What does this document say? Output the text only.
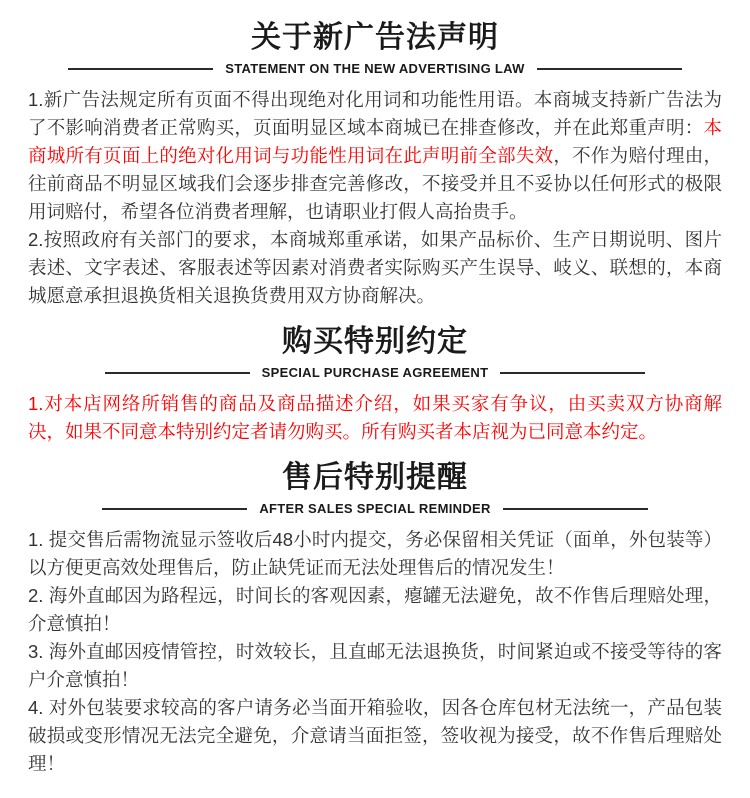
关于新广告法声明
STATEMENT ON THE NEW ADVERTISING LAW

1.新广告法规定所有页面不得出现绝对化用词和功能性用语。本商城支持新广告法为了不影响消费者正常购买，页面明显区域本商城已在排查修改，并在此郑重声明：本商城所有页面上的绝对化用词与功能性用词在此声明前全部失效，不作为赔付理由，往前商品不明显区域我们会逐步排查完善修改，不接受并且不妥协以任何形式的极限用词赔付，希望各位消费者理解，也请职业打假人高抬贵手。

2.按照政府有关部门的要求，本商城郑重承诺，如果产品标价、生产日期说明、图片表述、文字表述、客服表述等因素对消费者实际购买产生误导、岐义、联想的，本商城愿意承担退换货相关退换货费用双方协商解决。

购买特别约定
SPECIAL PURCHASE AGREEMENT

1.对本店网络所销售的商品及商品描述介绍，如果买家有争议，由买卖双方协商解决，如果不同意本特别约定者请勿购买。所有购买者本店视为已同意本约定。

售后特别提醒
AFTER SALES SPECIAL REMINDER

1. 提交售后需物流显示签收后48小时内提交，务必保留相关凭证（面单，外包装等）以方便更高效处理售后，防止缺凭证而无法处理售后的情况发生！

2. 海外直邮因为路程远，时间长的客观因素，瘪罐无法避免，故不作售后理赔处理，介意慎拍！

3. 海外直邮因疫情管控，时效较长，且直邮无法退换货，时间紧迫或不接受等待的客户介意慎拍！

4. 对外包装要求较高的客户请务必当面开箱验收，因各仓库包材无法统一，产品包装破损或变形情况无法完全避免，介意请当面拒签，签收视为接受，故不作售后理赔处理！
